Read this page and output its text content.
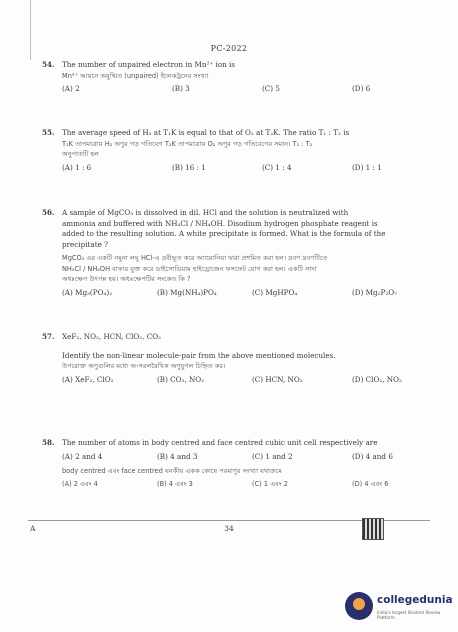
PC-2022
54. The number of unpaired electron in Mn²⁺ ion is
Mn²⁺ আয়নে অযুগ্মিত (unpaired) ইলেকট্রনের সংখ্যা
(A) 2	(B) 3	(C) 5	(D) 6
55. The average speed of H₂ at T₁K is equal to that of O₂ at T₂K. The ratio T₁ : T₂ is
T₁K তাপমাত্রায় H₂ অণুর গড় গতিবেগ T₂K তাপমাত্রায় O₂ অণুর গড় গতিবেগের সমান। T₁ : T₂
অনুপাতটি হল
(A) 1 : 6	(B) 16 : 1	(C) 1 : 4	(D) 1 : 1
56. A sample of MgCO₃ is dissolved in dil. HCl and the solution is neutralized with
ammonia and buffered with NH₄Cl / NH₄OH. Disodium hydrogen phosphate reagent is
added to the resulting solution. A white precipitate is formed. What is the formula of the
precipitate ?
MgCO₃ এর একটি নমুনা লঘু HCl-এ দ্রবীভূত করে অ্যামোনিয়া দ্বারা প্রশমিত করা হল। দ্রবণ দ্রবণটিতে
NH₄Cl / NH₄OH বাফার যুক্ত করে ডাইসোডিয়াম হাইড্রোজেন ফসফেট যোগ করা হল। একটি সাদা
অধঃক্ষেপ উৎপন্ন হয়। অধঃক্ষেপটির সংকেত কি ?
(A) Mg₃(PO₄)₂	(B) Mg(NH₄)PO₄	(C) MgHPO₄	(D) Mg₂P₂O₇
57. XeF₂, NO₂, HCN, ClO₂, CO₂
Identify the non-linear molecule-pair from the above mentioned molecules.
উপরোক্ত অণুগুলির মধ্যে অ-সরলরৈখিক অণুযুগল চিহ্নিত কর।
(A) XeF₂, ClO₂	(B) CO₂, NO₂	(C) HCN, NO₂	(D) ClO₂, NO₂
58. The number of atoms in body centred and face centred cubic unit cell respectively are
(A) 2 and 4	(B) 4 and 3	(C) 1 and 2	(D) 4 and 6
body centred এবং face centred ঘনকীয় একক কোষে পরমাণুর সংখ্যা যথাক্রমে
(A) 2 এবং 4	(B) 4 এবং 3	(C) 1 এবং 2	(D) 4 এবং 6
A	34
collegedunia
India's largest Student Review Platform
